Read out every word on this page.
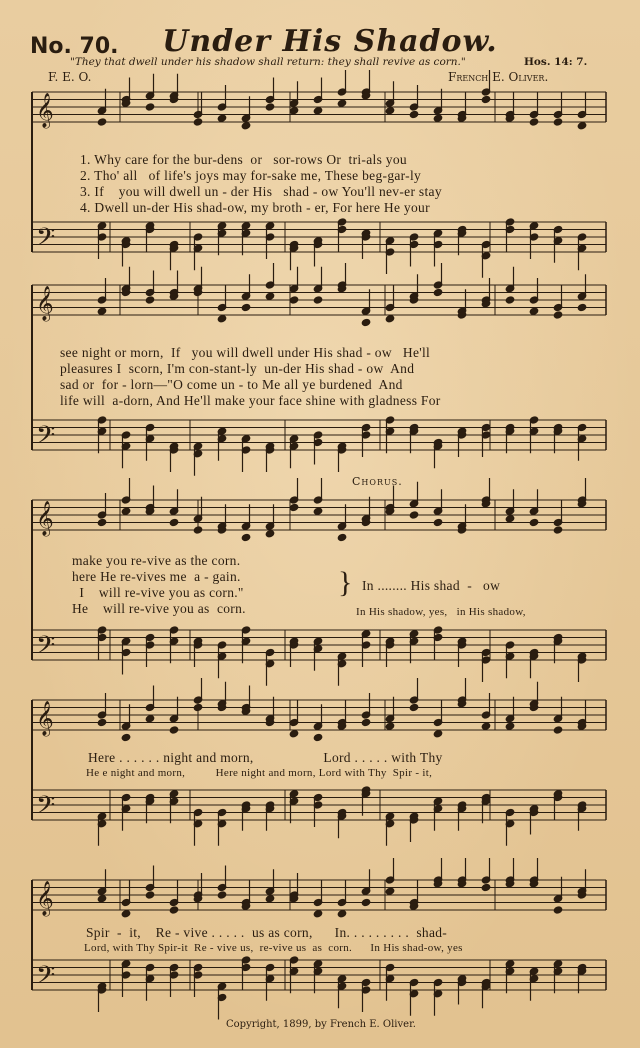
No. 70.	Under His Shadow.
"They that dwell under his shadow shall return: they shall revive as corn."	Hos. 14: 7.
F. E. O.	French E. Oliver.
𝄞
𝄢
𝄞
𝄢
𝄞
𝄢
𝄞
𝄢
𝄞
𝄢
1. Why care for the bur-dens  or   sor-rows Or  tri-als you
2. Tho' all   of life's joys may for-sake me, These beg-gar-ly
3. If    you will dwell un - der His   shad - ow You'll nev-er stay
4. Dwell un-der His shad-ow, my broth - er, For here He your
see night or morn,  If   you will dwell under His shad - ow   He'll
pleasures I  scorn, I'm con-stant-ly  un-der His shad - ow  And
sad or  for - lorn—"O come un - to Me all ye burdened  And
life will  a-dorn, And He'll make your face shine with gladness For
Chorus.
make you re-vive as the corn.
here He re-vives me  a - gain.
I    will re-vive you as corn."
He    will re-vive you as  corn.
} In ........ His shad  -   ow
In His shadow, yes,   in His shadow,
Here . . . . . . night and morn,                   Lord . . . . . with Thy
He e night and morn,          Here night and morn, Lord with Thy  Spir - it,
Spir  -  it,    Re - vive . . . . .  us as corn,      In. . . . . . . . .  shad-
Lord, with Thy Spir-it  Re - vive us,  re-vive us  as  corn.      In His shad-ow, yes
Copyright, 1899, by French E. Oliver.
